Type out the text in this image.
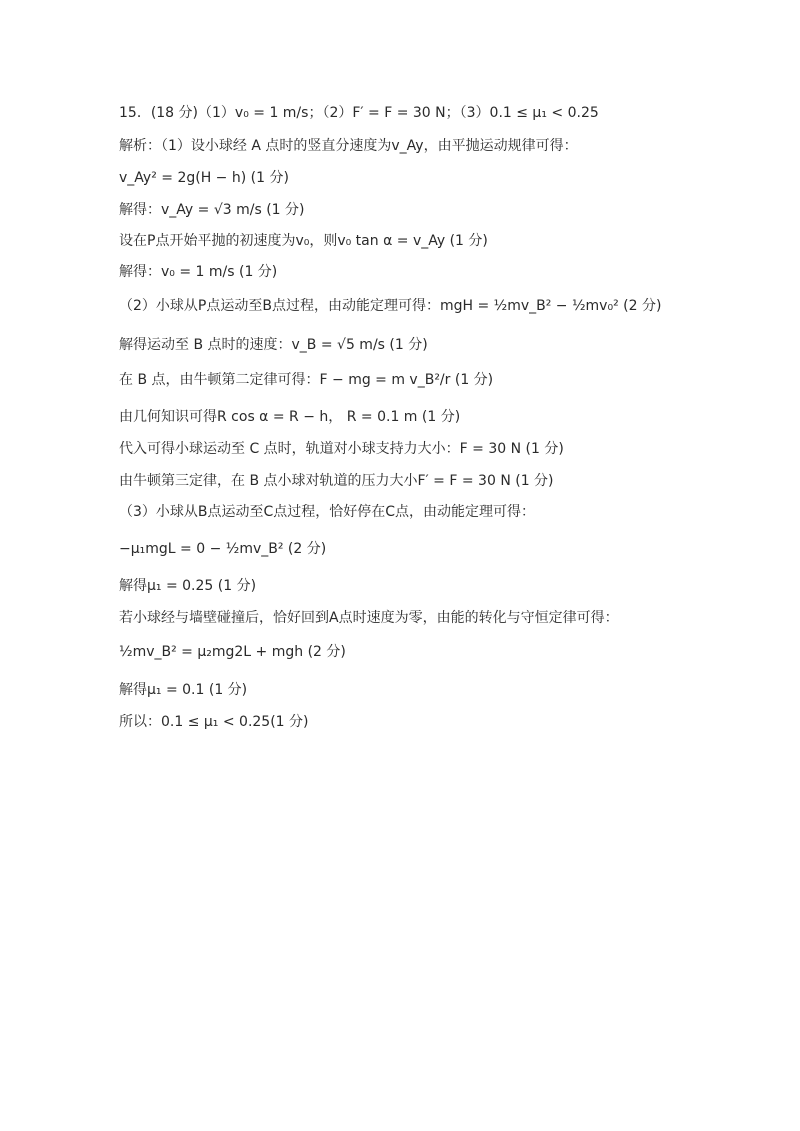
15．(18 分)（1）v₀ = 1 m/s；（2）F′ = F = 30 N；（3）0.1 ≤ μ₁ < 0.25
解析：（1）设小球经 A 点时的竖直分速度为v_Ay，由平抛运动规律可得：
v_Ay² = 2g(H − h) (1 分)
解得：v_Ay = √3 m/s (1 分)
设在P点开始平抛的初速度为v₀，则v₀ tan α = v_Ay (1 分)
解得：v₀ = 1 m/s (1 分)
（2）小球从P点运动至B点过程，由动能定理可得：mgH = ½mv_B² − ½mv₀² (2 分)
解得运动至 B 点时的速度：v_B = √5 m/s (1 分)
在 B 点，由牛顿第二定律可得：F − mg = m v_B²/r (1 分)
由几何知识可得R cos α = R − h， R = 0.1 m (1 分)
代入可得小球运动至 C 点时，轨道对小球支持力大小：F = 30 N (1 分)
由牛顿第三定律，在 B 点小球对轨道的压力大小F′ = F = 30 N (1 分)
（3）小球从B点运动至C点过程，恰好停在C点，由动能定理可得：
−μ₁mgL = 0 − ½mv_B² (2 分)
解得μ₁ = 0.25 (1 分)
若小球经与墙壁碰撞后，恰好回到A点时速度为零，由能的转化与守恒定律可得：
½mv_B² = μ₂mg2L + mgh (2 分)
解得μ₁ = 0.1 (1 分)
所以：0.1 ≤ μ₁ < 0.25(1 分)
